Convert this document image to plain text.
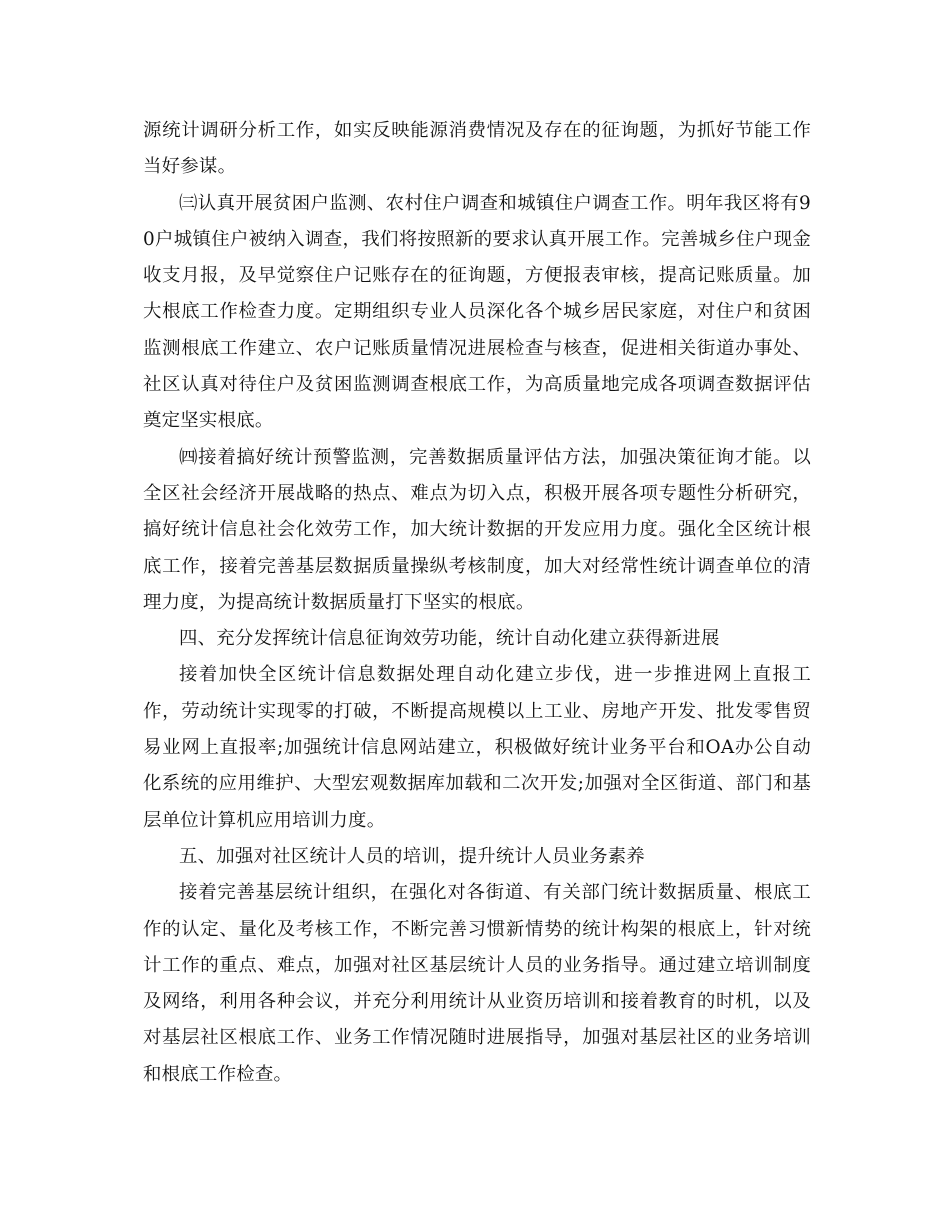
源统计调研分析工作，如实反映能源消费情况及存在的征询题，为抓好节能工作当好参谋。

㈢认真开展贫困户监测、农村住户调查和城镇住户调查工作。明年我区将有90户城镇住户被纳入调查，我们将按照新的要求认真开展工作。完善城乡住户现金收支月报，及早觉察住户记账存在的征询题，方便报表审核，提高记账质量。加大根底工作检查力度。定期组织专业人员深化各个城乡居民家庭，对住户和贫困监测根底工作建立、农户记账质量情况进展检查与核查，促进相关街道办事处、社区认真对待住户及贫困监测调查根底工作，为高质量地完成各项调查数据评估奠定坚实根底。

㈣接着搞好统计预警监测，完善数据质量评估方法，加强决策征询才能。以全区社会经济开展战略的热点、难点为切入点，积极开展各项专题性分析研究，搞好统计信息社会化效劳工作，加大统计数据的开发应用力度。强化全区统计根底工作，接着完善基层数据质量操纵考核制度，加大对经常性统计调查单位的清理力度，为提高统计数据质量打下坚实的根底。

四、充分发挥统计信息征询效劳功能，统计自动化建立获得新进展

接着加快全区统计信息数据处理自动化建立步伐，进一步推进网上直报工作，劳动统计实现零的打破，不断提高规模以上工业、房地产开发、批发零售贸易业网上直报率;加强统计信息网站建立，积极做好统计业务平台和OA办公自动化系统的应用维护、大型宏观数据库加载和二次开发;加强对全区街道、部门和基层单位计算机应用培训力度。

五、加强对社区统计人员的培训，提升统计人员业务素养

接着完善基层统计组织，在强化对各街道、有关部门统计数据质量、根底工作的认定、量化及考核工作，不断完善习惯新情势的统计构架的根底上，针对统计工作的重点、难点，加强对社区基层统计人员的业务指导。通过建立培训制度及网络，利用各种会议，并充分利用统计从业资历培训和接着教育的时机，以及对基层社区根底工作、业务工作情况随时进展指导，加强对基层社区的业务培训和根底工作检查。
